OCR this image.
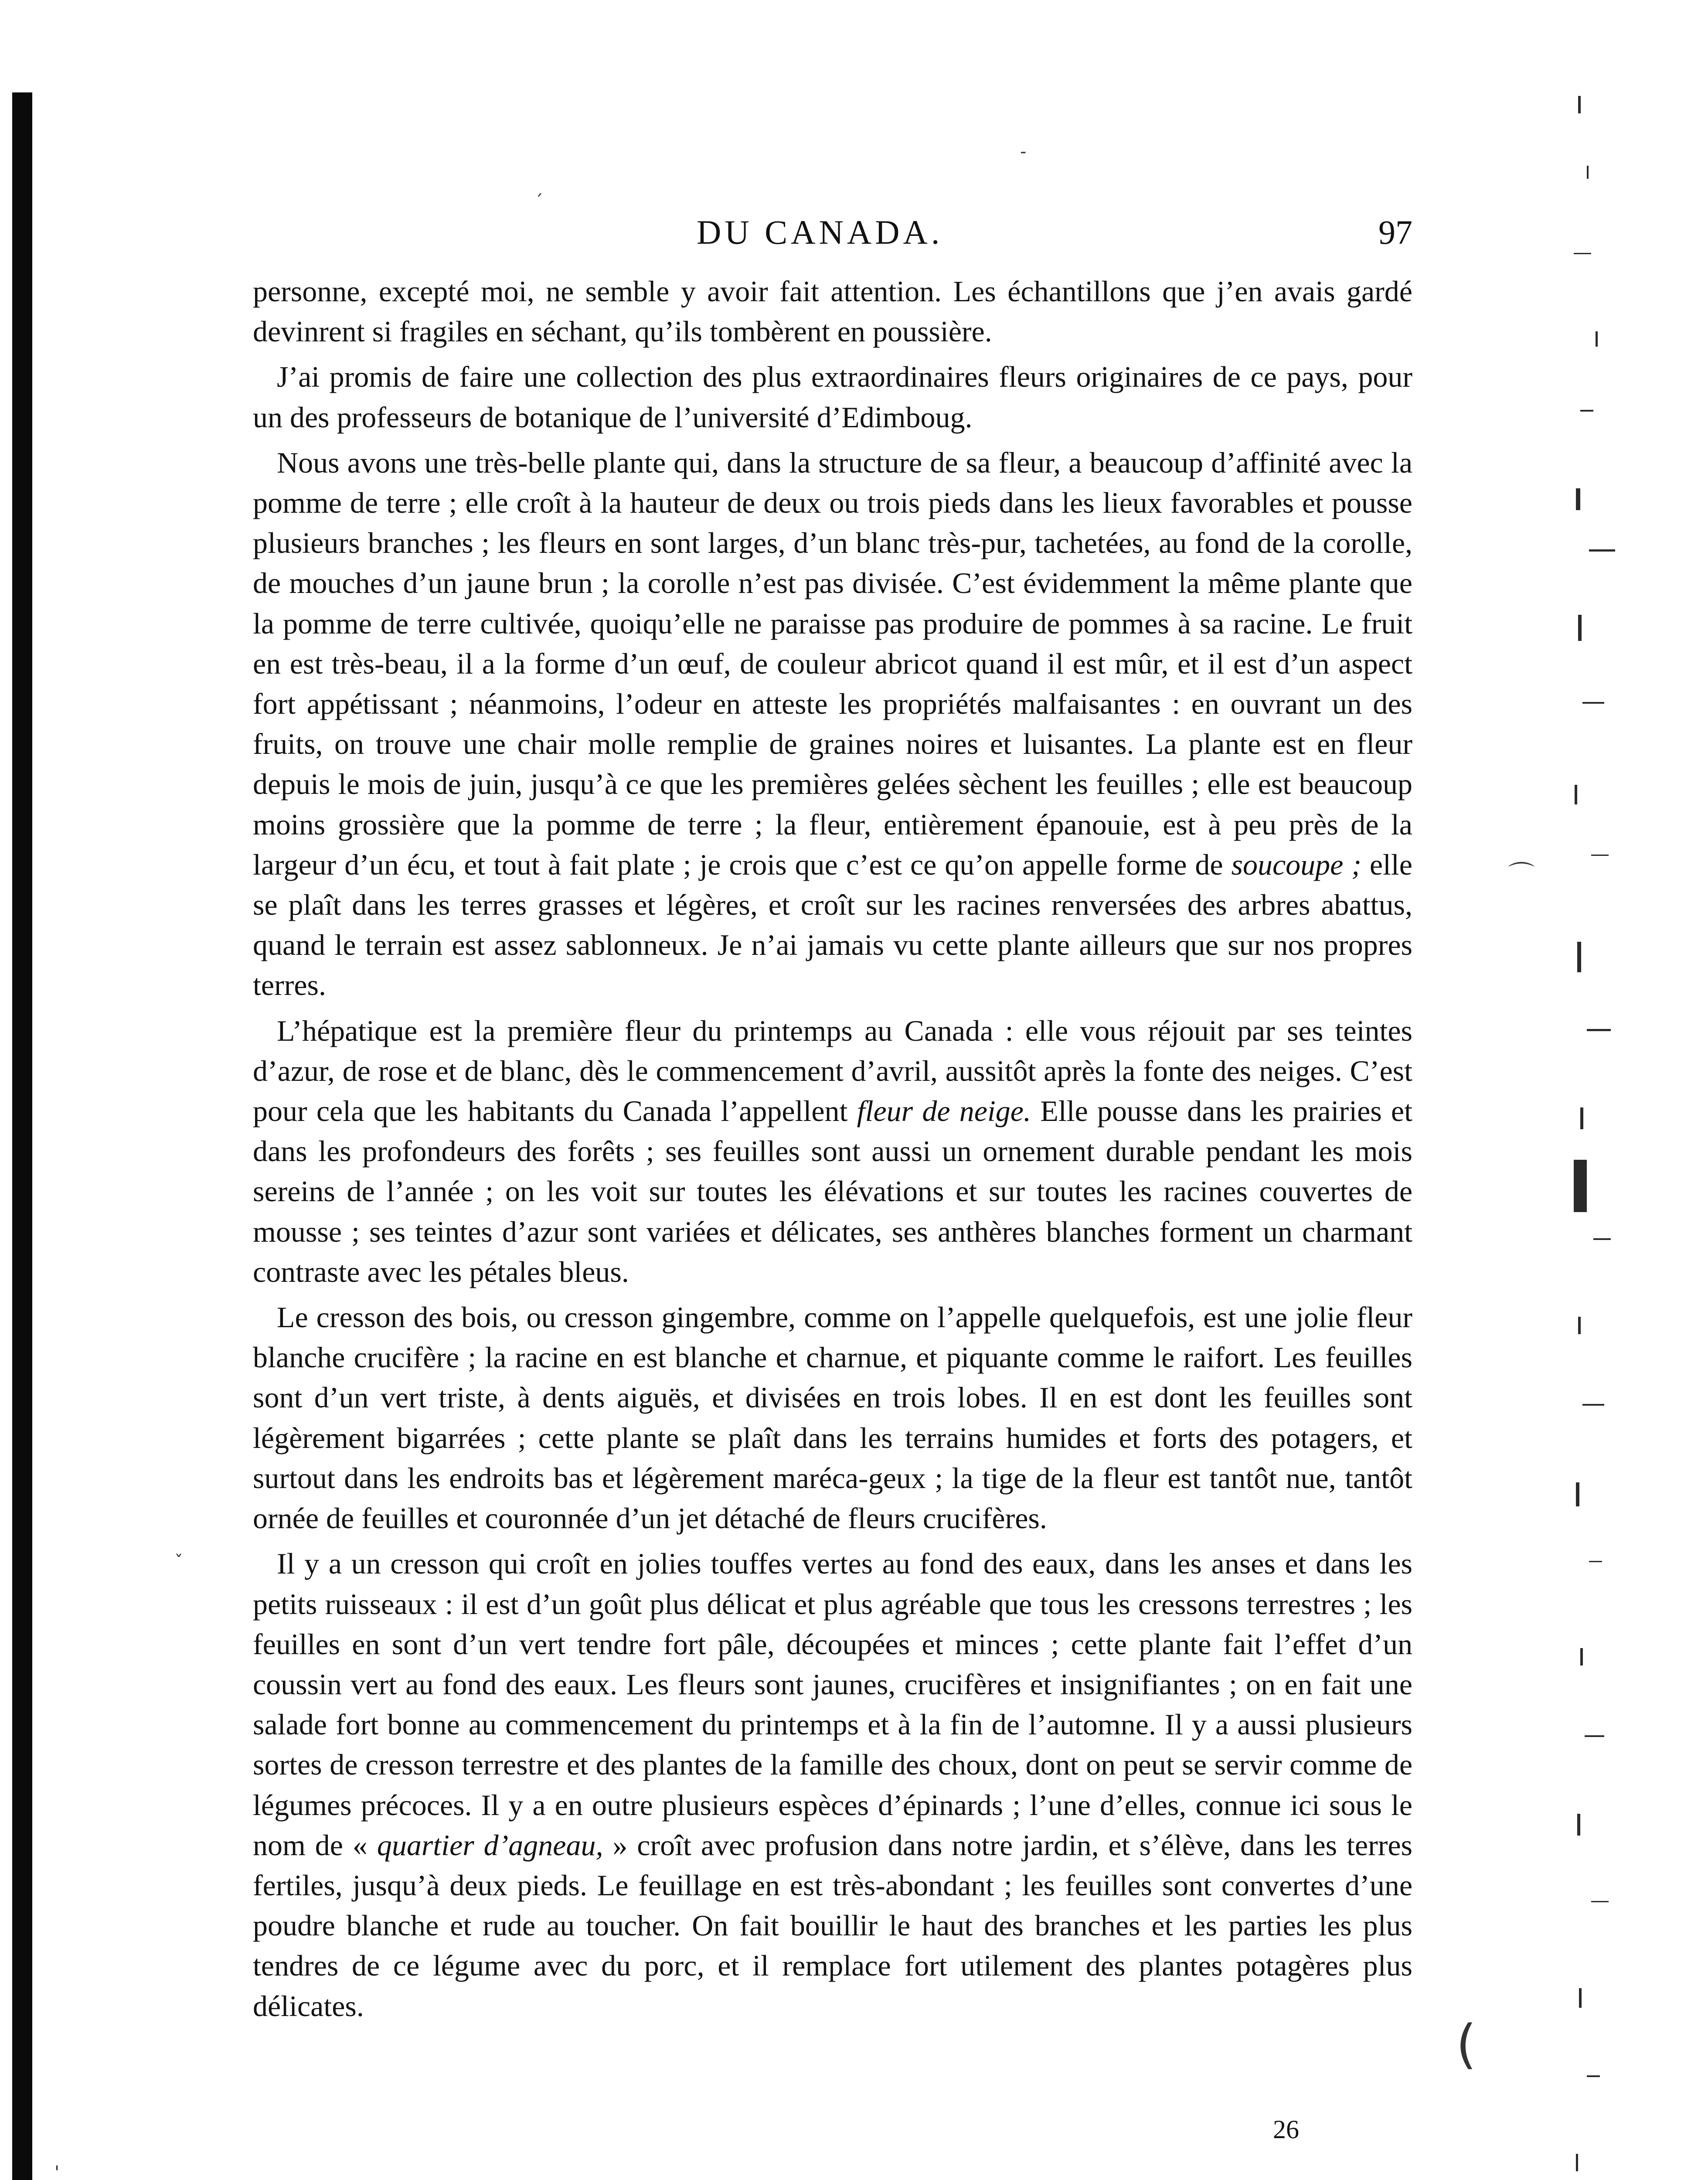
DU CANADA.	97

personne, excepté moi, ne semble y avoir fait attention. Les échantillons que j’en avais gardé devinrent si fragiles en séchant, qu’ils tombèrent en poussière.

J’ai promis de faire une collection des plus extraordinaires fleurs originaires de ce pays, pour un des professeurs de botanique de l’université d’Edimboug.

Nous avons une très-belle plante qui, dans la structure de sa fleur, a beaucoup d’affinité avec la pomme de terre ; elle croît à la hauteur de deux ou trois pieds dans les lieux favorables et pousse plusieurs branches ; les fleurs en sont larges, d’un blanc très-pur, tachetées, au fond de la corolle, de mouches d’un jaune brun ; la corolle n’est pas divisée. C’est évidemment la même plante que la pomme de terre cultivée, quoiqu’elle ne paraisse pas produire de pommes à sa racine. Le fruit en est très-beau, il a la forme d’un œuf, de couleur abricot quand il est mûr, et il est d’un aspect fort appétissant ; néanmoins, l’odeur en atteste les propriétés malfaisantes : en ouvrant un des fruits, on trouve une chair molle remplie de graines noires et luisantes. La plante est en fleur depuis le mois de juin, jusqu’à ce que les premières gelées sèchent les feuilles ; elle est beaucoup moins grossière que la pomme de terre ; la fleur, entièrement épanouie, est à peu près de la largeur d’un écu, et tout à fait plate ; je crois que c’est ce qu’on appelle forme de soucoupe ; elle se plaît dans les terres grasses et légères, et croît sur les racines renversées des arbres abattus, quand le terrain est assez sablonneux. Je n’ai jamais vu cette plante ailleurs que sur nos propres terres.

L’hépatique est la première fleur du printemps au Canada : elle vous réjouit par ses teintes d’azur, de rose et de blanc, dès le commencement d’avril, aussitôt après la fonte des neiges. C’est pour cela que les habitants du Canada l’appellent fleur de neige. Elle pousse dans les prairies et dans les profondeurs des forêts ; ses feuilles sont aussi un ornement durable pendant les mois sereins de l’année ; on les voit sur toutes les élévations et sur toutes les racines couvertes de mousse ; ses teintes d’azur sont variées et délicates, ses anthères blanches forment un charmant contraste avec les pétales bleus.

Le cresson des bois, ou cresson gingembre, comme on l’appelle quelquefois, est une jolie fleur blanche crucifère ; la racine en est blanche et charnue, et piquante comme le raifort. Les feuilles sont d’un vert triste, à dents aiguës, et divisées en trois lobes. Il en est dont les feuilles sont légèrement bigarrées ; cette plante se plaît dans les terrains humides et forts des potagers, et surtout dans les endroits bas et légèrement maréca-geux ; la tige de la fleur est tantôt nue, tantôt ornée de feuilles et couronnée d’un jet détaché de fleurs crucifères.

Il y a un cresson qui croît en jolies touffes vertes au fond des eaux, dans les anses et dans les petits ruisseaux : il est d’un goût plus délicat et plus agréable que tous les cressons terrestres ; les feuilles en sont d’un vert tendre fort pâle, découpées et minces ; cette plante fait l’effet d’un coussin vert au fond des eaux. Les fleurs sont jaunes, crucifères et insignifiantes ; on en fait une salade fort bonne au commencement du printemps et à la fin de l’automne. Il y a aussi plusieurs sortes de cresson terrestre et des plantes de la famille des choux, dont on peut se servir comme de légumes précoces. Il y a en outre plusieurs espèces d’épinards ; l’une d’elles, connue ici sous le nom de « quartier d’agneau, » croît avec profusion dans notre jardin, et s’élève, dans les terres fertiles, jusqu’à deux pieds. Le feuillage en est très-abondant ; les feuilles sont convertes d’une poudre blanche et rude au toucher. On fait bouillir le haut des branches et les parties les plus tendres de ce légume avec du porc, et il remplace fort utilement des plantes potagères plus délicates.

26
ˊ
-
⌒
(
ˇ
'
